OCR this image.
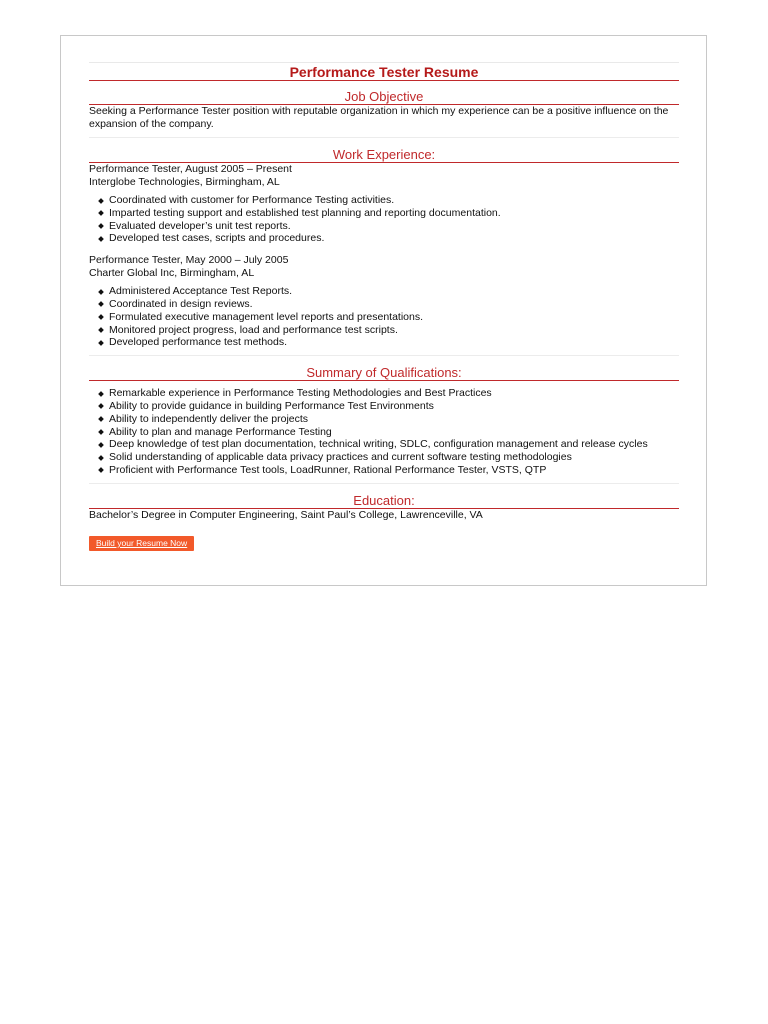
Performance Tester Resume
Job Objective

Seeking a Performance Tester position with reputable organization in which my experience can be a positive influence on the expansion of the company.

Work Experience:

Performance Tester, August 2005 – Present

Interglobe Technologies, Birmingham, AL

Coordinated with customer for Performance Testing activities.
Imparted testing support and established test planning and reporting documentation.
Evaluated developer’s unit test reports.
Developed test cases, scripts and procedures.

Performance Tester, May 2000 – July 2005

Charter Global Inc, Birmingham, AL

Administered Acceptance Test Reports.
Coordinated in design reviews.
Formulated executive management level reports and presentations.
Monitored project progress, load and performance test scripts.
Developed performance test methods.
Summary of Qualifications:
Remarkable experience in Performance Testing Methodologies and Best Practices
Ability to provide guidance in building Performance Test Environments
Ability to independently deliver the projects
Ability to plan and manage Performance Testing
Deep knowledge of test plan documentation, technical writing, SDLC, configuration management and release cycles
Solid understanding of applicable data privacy practices and current software testing methodologies
Proficient with Performance Test tools, LoadRunner, Rational Performance Tester, VSTS, QTP
Education:

Bachelor’s Degree in Computer Engineering, Saint Paul’s College, Lawrenceville, VA

Build your Resume Now
